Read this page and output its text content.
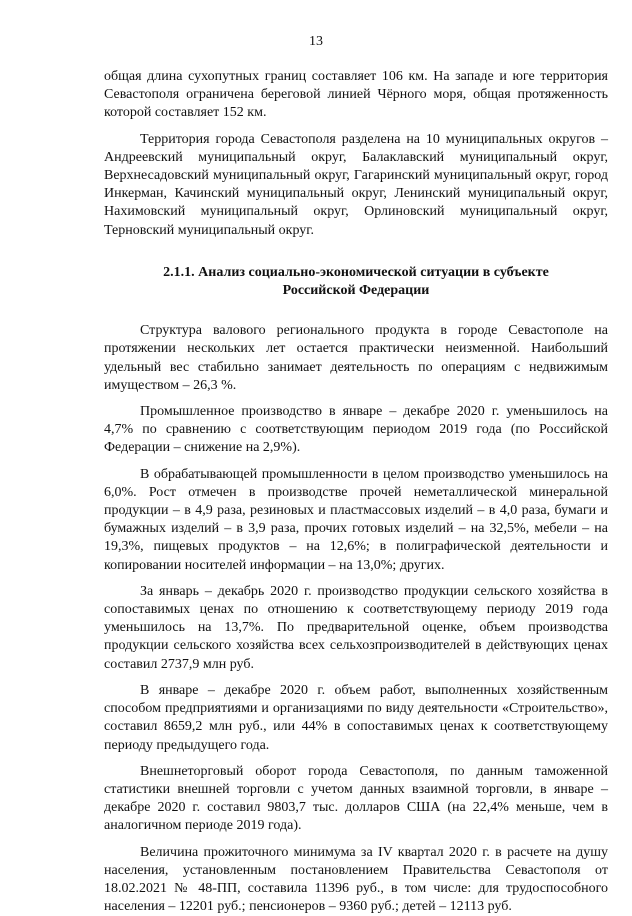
13

общая длина сухопутных границ составляет 106 км. На западе и юге территория Севастополя ограничена береговой линией Чёрного моря, общая протяженность которой составляет 152 км.

Территория города Севастополя разделена на 10 муниципальных округов – Андреевский муниципальный округ, Балаклавский муниципальный округ, Верхнесадовский муниципальный округ, Гагаринский муниципальный округ, город Инкерман, Качинский муниципальный округ, Ленинский муниципальный округ, Нахимовский муниципальный округ, Орлиновский муниципальный округ, Терновский муниципальный округ.

2.1.1. Анализ социально-экономической ситуации в субъекте
Российской Федерации

Структура валового регионального продукта в городе Севастополе на протяжении нескольких лет остается практически неизменной. Наибольший удельный вес стабильно занимает деятельность по операциям с недвижимым имуществом – 26,3 %.

Промышленное производство в январе – декабре 2020 г. уменьшилось на 4,7% по сравнению с соответствующим периодом 2019 года (по Российской Федерации – снижение на 2,9%).

В обрабатывающей промышленности в целом производство уменьшилось на 6,0%. Рост отмечен в производстве прочей неметаллической минеральной продукции – в 4,9 раза, резиновых и пластмассовых изделий – в 4,0 раза, бумаги и бумажных изделий – в 3,9 раза, прочих готовых изделий – на 32,5%, мебели – на 19,3%, пищевых продуктов – на 12,6%; в полиграфической деятельности и копировании носителей информации – на 13,0%; других.

За январь – декабрь 2020 г. производство продукции сельского хозяйства в сопоставимых ценах по отношению к соответствующему периоду 2019 года уменьшилось на 13,7%. По предварительной оценке, объем производства продукции сельского хозяйства всех сельхозпроизводителей в действующих ценах составил 2737,9 млн руб.

В январе – декабре 2020 г. объем работ, выполненных хозяйственным способом предприятиями и организациями по виду деятельности «Строительство», составил 8659,2 млн руб., или 44% в сопоставимых ценах к соответствующему периоду предыдущего года.

Внешнеторговый оборот города Севастополя, по данным таможенной статистики внешней торговли с учетом данных взаимной торговли, в январе – декабре 2020 г. составил 9803,7 тыс. долларов США (на 22,4% меньше, чем в аналогичном периоде 2019 года).

Величина прожиточного минимума за IV квартал 2020 г. в расчете на душу населения, установленным постановлением Правительства Севастополя от 18.02.2021 № 48-ПП, составила 11396 руб., в том числе: для трудоспособного населения – 12201 руб.; пенсионеров – 9360 руб.; детей – 12113 руб.
